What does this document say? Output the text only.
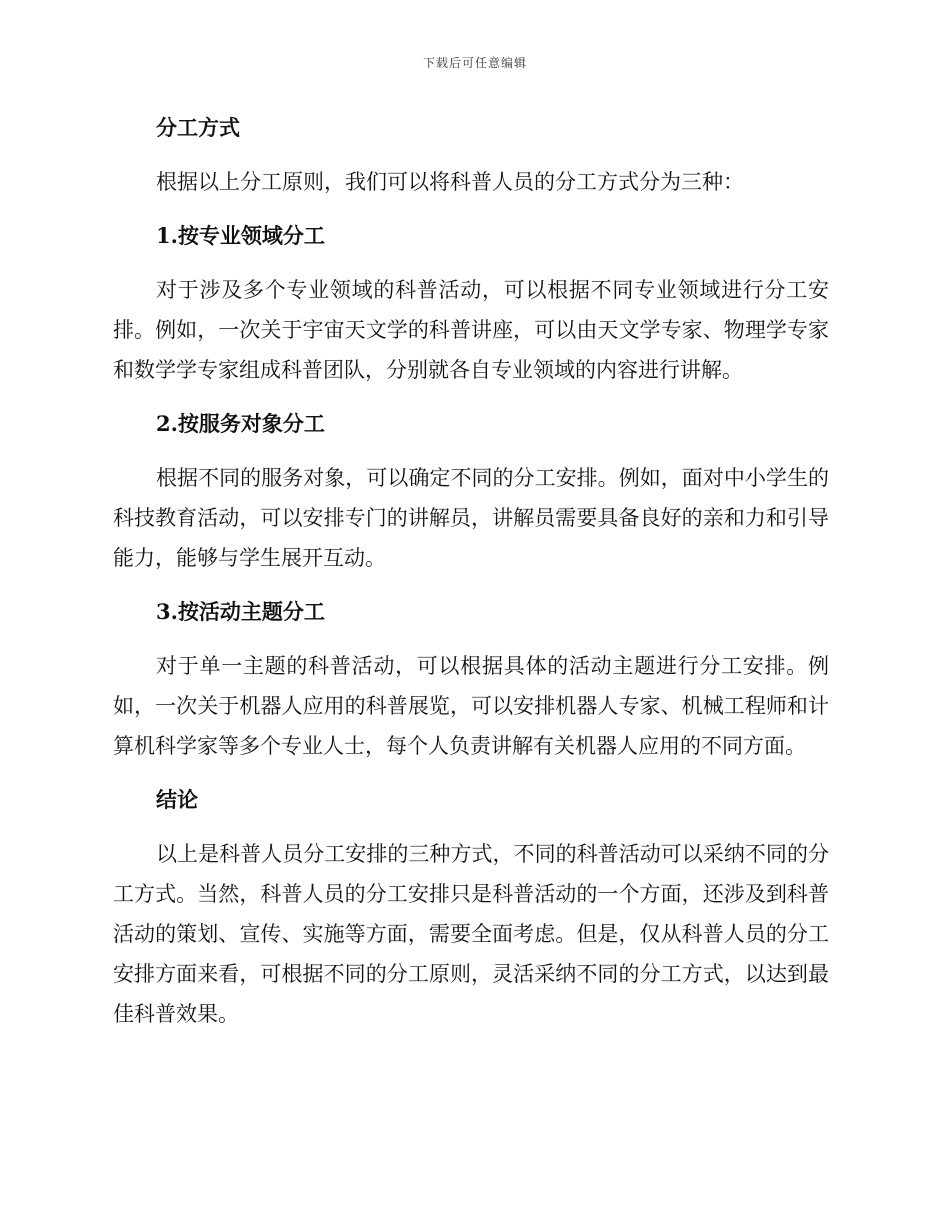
下载后可任意编辑
分工方式

根据以上分工原则，我们可以将科普人员的分工方式分为三种：

1.按专业领域分工

对于涉及多个专业领域的科普活动，可以根据不同专业领域进行分工安排。例如，一次关于宇宙天文学的科普讲座，可以由天文学专家、物理学专家和数学学专家组成科普团队，分别就各自专业领域的内容进行讲解。

2.按服务对象分工

根据不同的服务对象，可以确定不同的分工安排。例如，面对中小学生的科技教育活动，可以安排专门的讲解员，讲解员需要具备良好的亲和力和引导能力，能够与学生展开互动。

3.按活动主题分工

对于单一主题的科普活动，可以根据具体的活动主题进行分工安排。例如，一次关于机器人应用的科普展览，可以安排机器人专家、机械工程师和计算机科学家等多个专业人士，每个人负责讲解有关机器人应用的不同方面。

结论

以上是科普人员分工安排的三种方式，不同的科普活动可以采纳不同的分工方式。当然，科普人员的分工安排只是科普活动的一个方面，还涉及到科普活动的策划、宣传、实施等方面，需要全面考虑。但是，仅从科普人员的分工安排方面来看，可根据不同的分工原则，灵活采纳不同的分工方式，以达到最佳科普效果。
